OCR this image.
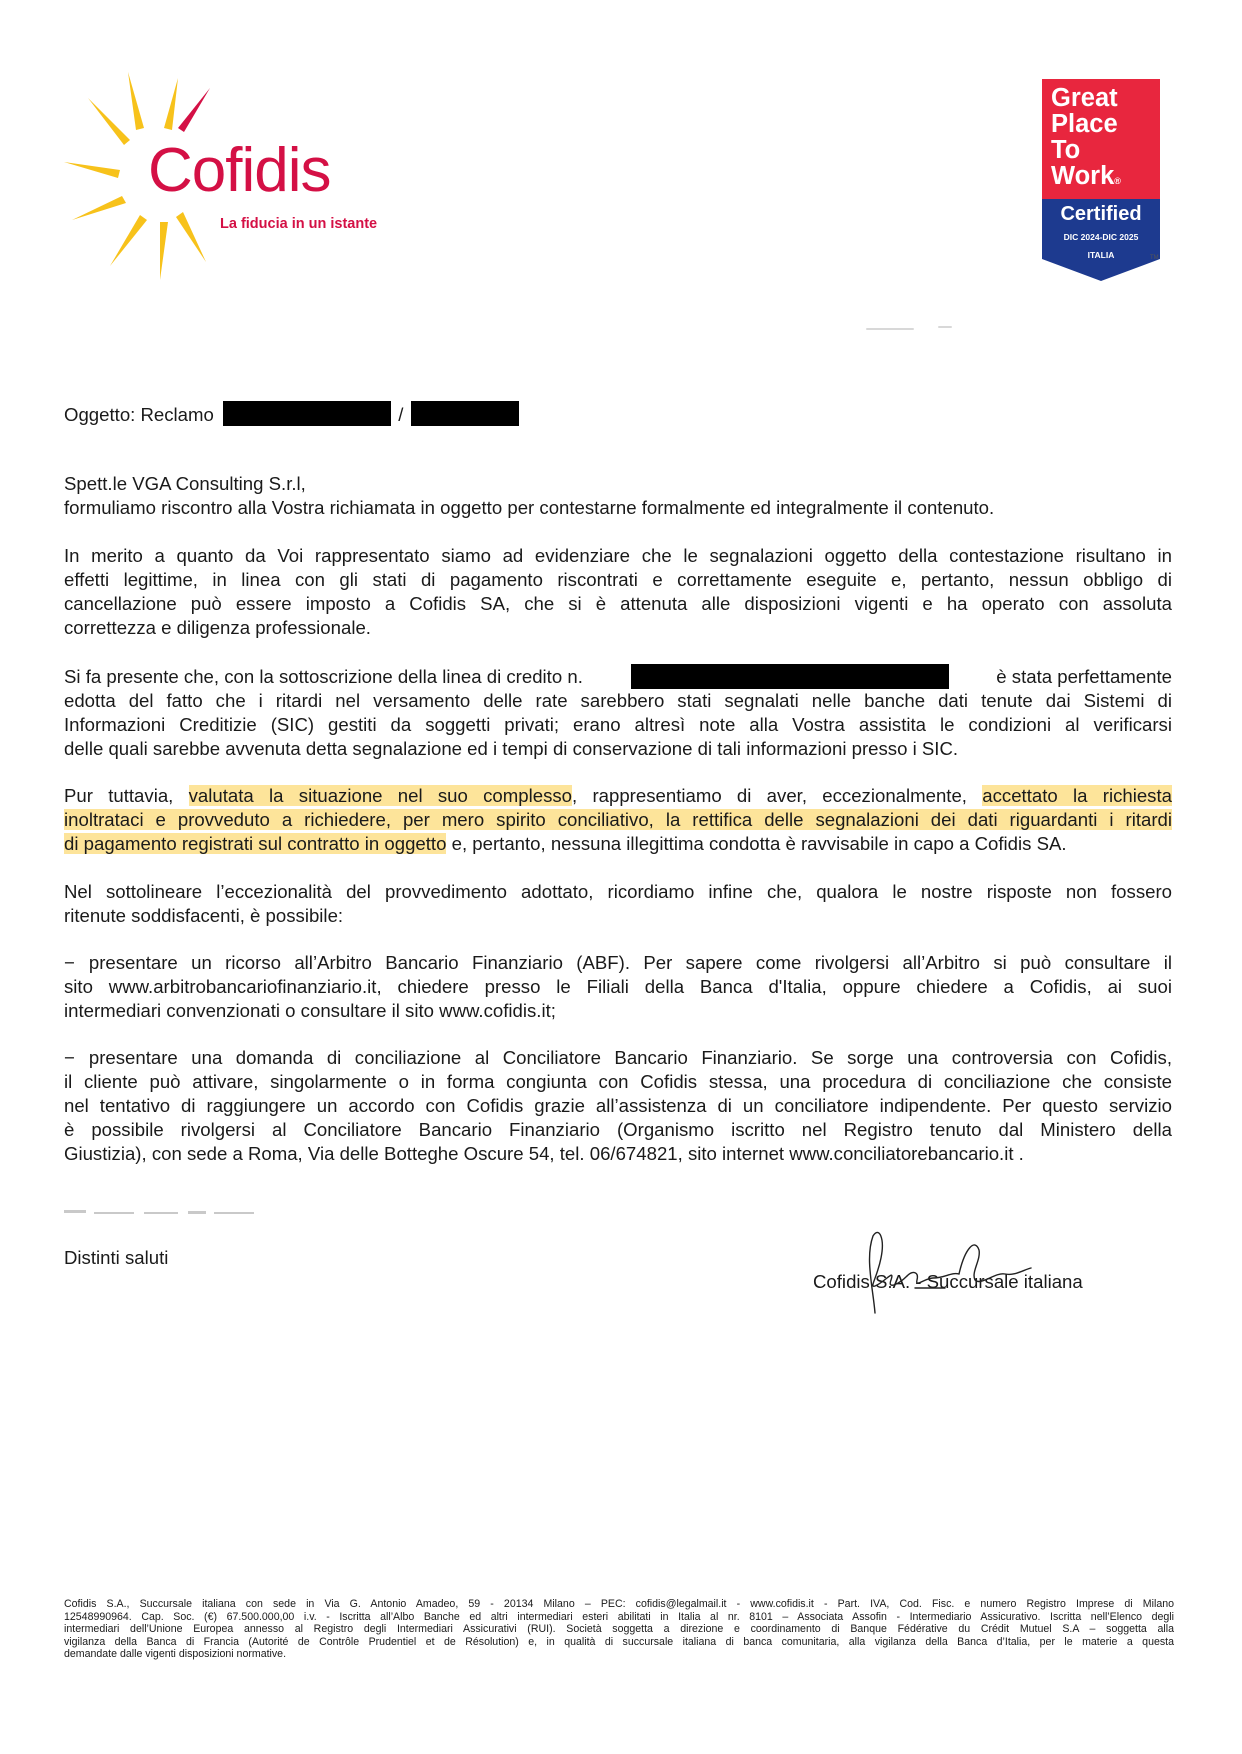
Cofidis
La fiducia in un istante
Great
Place
To
Work®
Certified
DIC 2024-DIC 2025
ITALIA	TM
Oggetto: Reclamo	/
Spett.le VGA Consulting S.r.l,
formuliamo riscontro alla Vostra richiamata in oggetto per contestarne formalmente ed integralmente il contenuto.
In merito a quanto da Voi rappresentato siamo ad evidenziare che le segnalazioni oggetto della contestazione risultano in
effetti legittime, in linea con gli stati di pagamento riscontrati e correttamente eseguite e, pertanto, nessun obbligo di
cancellazione può essere imposto a Cofidis SA, che si è attenuta alle disposizioni vigenti e ha operato con assoluta
correttezza e diligenza professionale.
Si fa presente che, con la sottoscrizione della linea di credito n.	è stata perfettamente
edotta del fatto che i ritardi nel versamento delle rate sarebbero stati segnalati nelle banche dati tenute dai Sistemi di
Informazioni Creditizie (SIC) gestiti da soggetti privati; erano altresì note alla Vostra assistita le condizioni al verificarsi
delle quali sarebbe avvenuta detta segnalazione ed i tempi di conservazione di tali informazioni presso i SIC.
Pur tuttavia, valutata la situazione nel suo complesso, rappresentiamo di aver, eccezionalmente, accettato la richiesta
inoltrataci e provveduto a richiedere, per mero spirito conciliativo, la rettifica delle segnalazioni dei dati riguardanti i ritardi
di pagamento registrati sul contratto in oggetto e, pertanto, nessuna illegittima condotta è ravvisabile in capo a Cofidis SA.
Nel sottolineare l’eccezionalità del provvedimento adottato, ricordiamo infine che, qualora le nostre risposte non fossero
ritenute soddisfacenti, è possibile:
− presentare un ricorso all’Arbitro Bancario Finanziario (ABF). Per sapere come rivolgersi all’Arbitro si può consultare il
sito www.arbitrobancariofinanziario.it, chiedere presso le Filiali della Banca d'Italia, oppure chiedere a Cofidis, ai suoi
intermediari convenzionati o consultare il sito www.cofidis.it;
− presentare una domanda di conciliazione al Conciliatore Bancario Finanziario. Se sorge una controversia con Cofidis,
il cliente può attivare, singolarmente o in forma congiunta con Cofidis stessa, una procedura di conciliazione che consiste
nel tentativo di raggiungere un accordo con Cofidis grazie all’assistenza di un conciliatore indipendente. Per questo servizio
è possibile rivolgersi al Conciliatore Bancario Finanziario (Organismo iscritto nel Registro tenuto dal Ministero della
Giustizia), con sede a Roma, Via delle Botteghe Oscure 54, tel. 06/674821, sito internet www.conciliatorebancario.it .
Distinti saluti
Cofidis S.A. - Succursale italiana
Cofidis S.A., Succursale italiana con sede in Via G. Antonio Amadeo, 59 - 20134 Milano – PEC: cofidis@legalmail.it - www.cofidis.it - Part. IVA, Cod. Fisc. e numero Registro Imprese di Milano
12548990964. Cap. Soc. (€) 67.500.000,00 i.v. - Iscritta all’Albo Banche ed altri intermediari esteri abilitati in Italia al nr. 8101 – Associata Assofin - Intermediario Assicurativo. Iscritta nell’Elenco degli
intermediari dell’Unione Europea annesso al Registro degli Intermediari Assicurativi (RUI). Società soggetta a direzione e coordinamento di Banque Fédérative du Crédit Mutuel S.A – soggetta alla
vigilanza della Banca di Francia (Autorité de Contrôle Prudentiel et de Résolution) e, in qualità di succursale italiana di banca comunitaria, alla vigilanza della Banca d’Italia, per le materie a questa
demandate dalle vigenti disposizioni normative.
